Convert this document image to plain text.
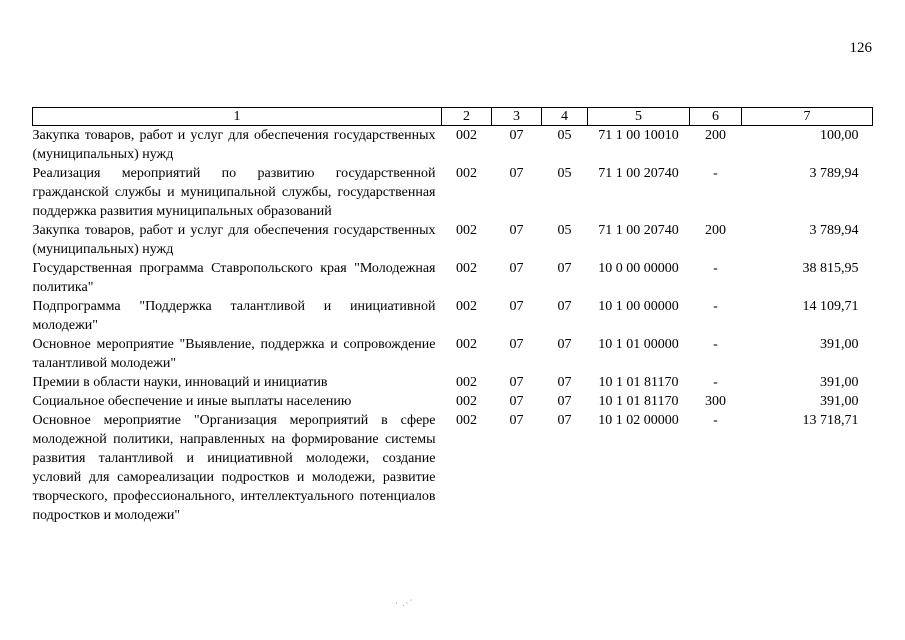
126
1	2	3	4	5	6	7
Закупка товаров, работ и услуг для обеспечения государственных (муниципальных) нужд	002	07	05	71 1 00 10010	200	100,00
Реализация мероприятий по развитию государственной гражданской службы и муниципальной службы, государственная поддержка развития муниципальных образований	002	07	05	71 1 00 20740	-	3 789,94
Закупка товаров, работ и услуг для обеспечения государственных (муниципальных) нужд	002	07	05	71 1 00 20740	200	3 789,94
Государственная программа Ставропольского края "Молодежная политика"	002	07	07	10 0 00 00000	-	38 815,95
Подпрограмма "Поддержка талантливой и инициативной молодежи"	002	07	07	10 1 00 00000	-	14 109,71
Основное мероприятие "Выявление, поддержка и сопровождение талантливой молодежи"	002	07	07	10 1 01 00000	-	391,00
Премии в области науки, инноваций и инициатив	002	07	07	10 1 01 81170	-	391,00
Социальное обеспечение и иные выплаты населению	002	07	07	10 1 01 81170	300	391,00
Основное мероприятие "Организация мероприятий в сфере молодежной политики, направленных на формирование системы развития талантливой и инициативной молодежи, создание условий для самореализации подростков и молодежи, развитие творческого, профессионального, интеллектуального потенциалов подростков и молодежи"	002	07	07	10 1 02 00000	-	13 718,71
· .·´
